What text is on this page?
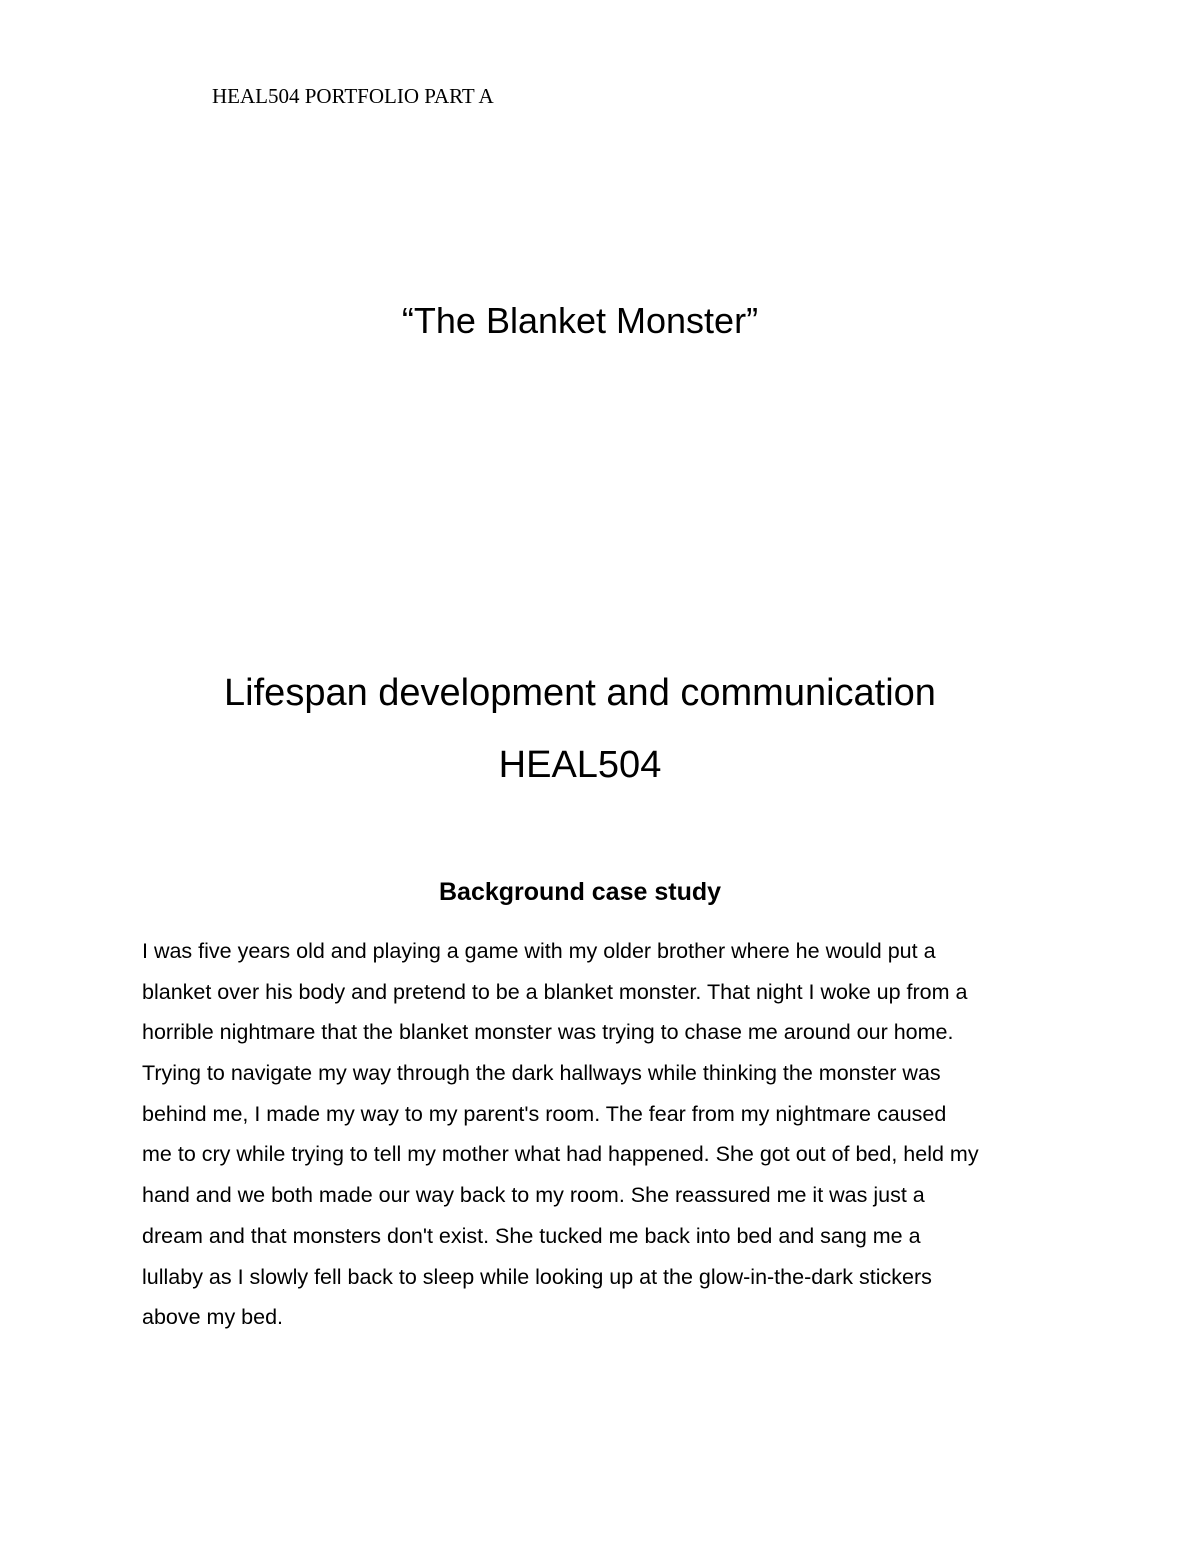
HEAL504 PORTFOLIO PART A
“The Blanket Monster”
Lifespan development and communication
HEAL504
Background case study
I was five years old and playing a game with my older brother where he would put a
blanket over his body and pretend to be a blanket monster. That night I woke up from a
horrible nightmare that the blanket monster was trying to chase me around our home.
Trying to navigate my way through the dark hallways while thinking the monster was
behind me, I made my way to my parent's room. The fear from my nightmare caused
me to cry while trying to tell my mother what had happened. She got out of bed, held my
hand and we both made our way back to my room. She reassured me it was just a
dream and that monsters don't exist. She tucked me back into bed and sang me a
lullaby as I slowly fell back to sleep while looking up at the glow-in-the-dark stickers
above my bed.
